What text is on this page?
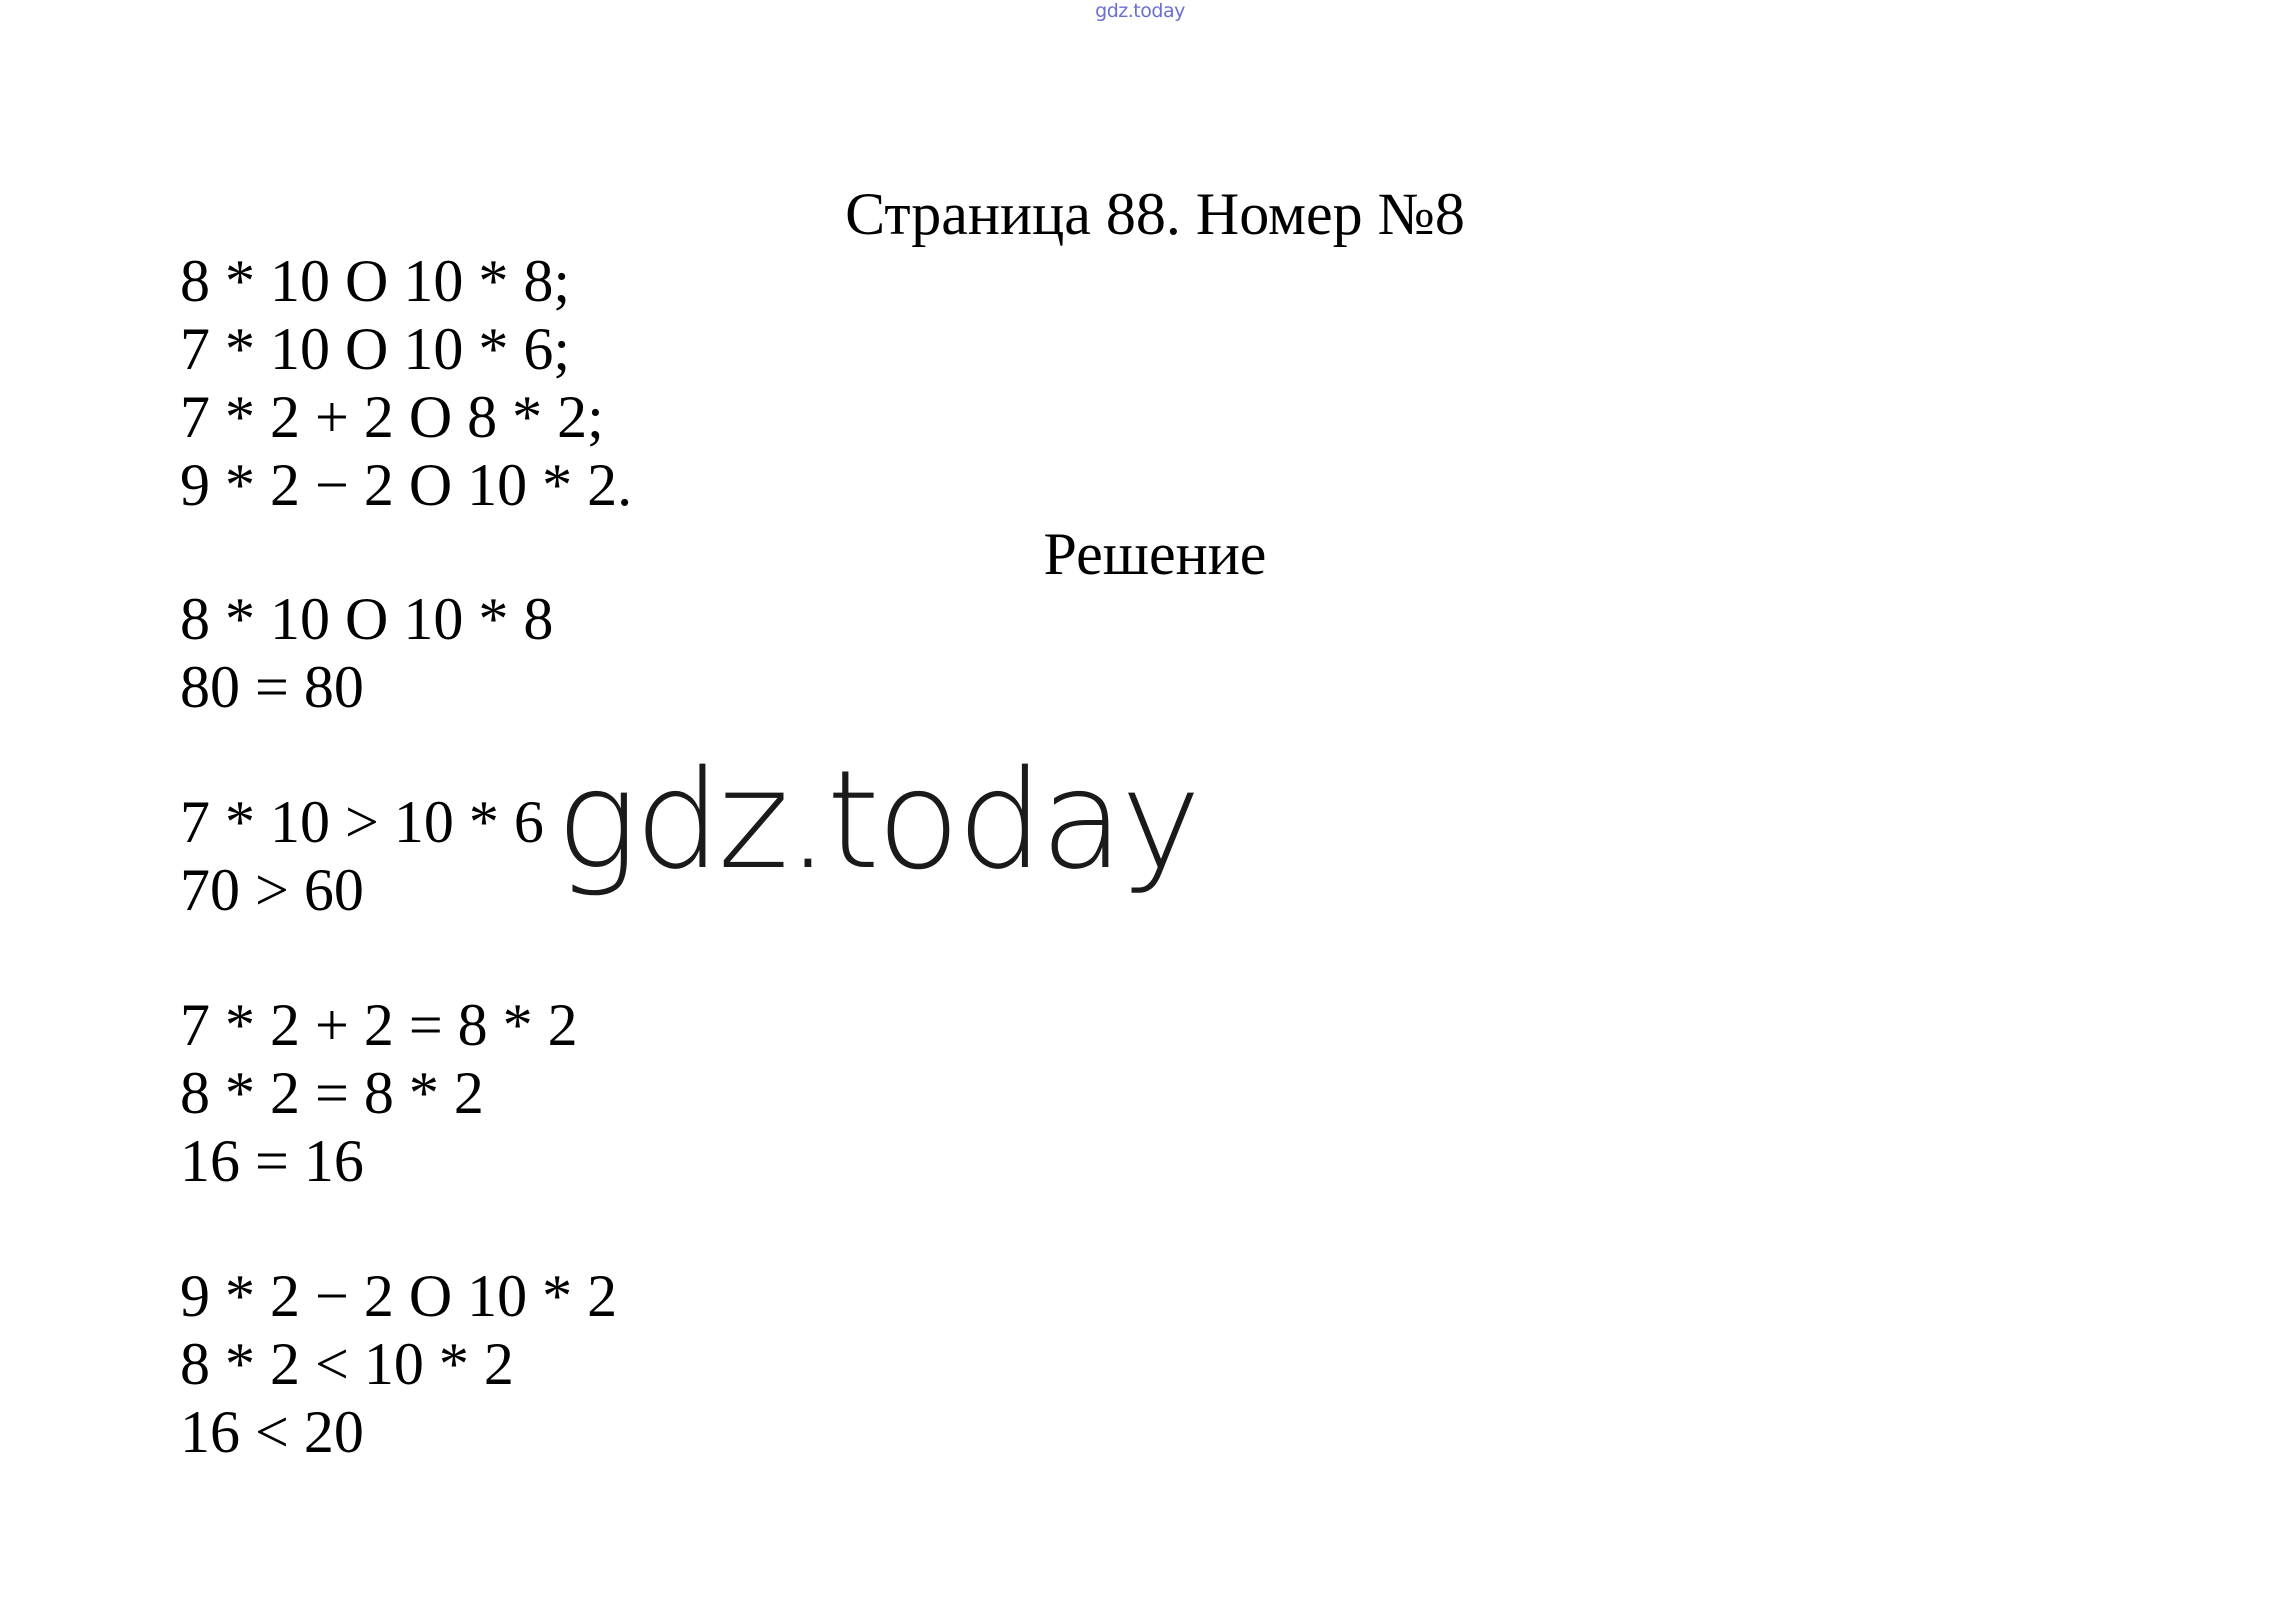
gdz.today
Страница 88. Номер №8
8 * 10 O 10 * 8;
7 * 10 O 10 * 6;
7 * 2 + 2 O 8 * 2;
9 * 2 − 2 O 10 * 2.
Решение
8 * 10 O 10 * 8
80 = 80
7 * 10 > 10 * 6
70 > 60
7 * 2 + 2 = 8 * 2
8 * 2 = 8 * 2
16 = 16
9 * 2 − 2 O 10 * 2
8 * 2 < 10 * 2
16 < 20
gdz.today
